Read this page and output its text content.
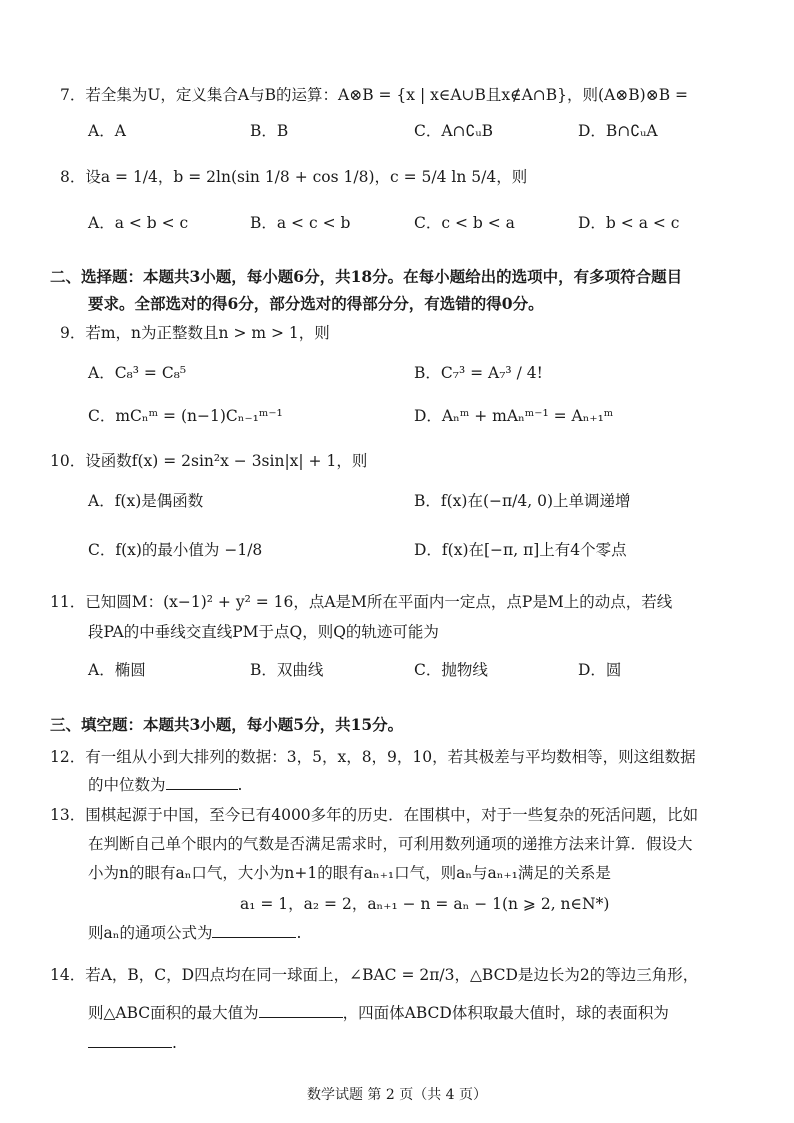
7．若全集为U，定义集合A与B的运算：A⊗B = {x | x∈A∪B且x∉A∩B}，则(A⊗B)⊗B =
A．A	B．B	C．A∩∁ᵤB	D．B∩∁ᵤA
8．设a = 1/4，b = 2ln(sin 1/8 + cos 1/8)，c = 5/4 ln 5/4，则
A．a < b < c	B．a < c < b	C．c < b < a	D．b < a < c
二、选择题：本题共3小题，每小题6分，共18分。在每小题给出的选项中，有多项符合题目
要求。全部选对的得6分，部分选对的得部分分，有选错的得0分。
9．若m，n为正整数且n > m > 1，则
A．C₈³ = C₈⁵	B．C₇³ = A₇³ / 4!
C．mCₙᵐ = (n−1)Cₙ₋₁ᵐ⁻¹	D．Aₙᵐ + mAₙᵐ⁻¹ = Aₙ₊₁ᵐ
10．设函数f(x) = 2sin²x − 3sin|x| + 1，则
A．f(x)是偶函数	B．f(x)在(−π/4, 0)上单调递增
C．f(x)的最小值为 −1/8	D．f(x)在[−π, π]上有4个零点
11．已知圆M：(x−1)² + y² = 16，点A是M所在平面内一定点，点P是M上的动点，若线
段PA的中垂线交直线PM于点Q，则Q的轨迹可能为
A．椭圆	B．双曲线	C．抛物线	D．圆
三、填空题：本题共3小题，每小题5分，共15分。
12．有一组从小到大排列的数据：3，5，x，8，9，10，若其极差与平均数相等，则这组数据
的中位数为	.
13．围棋起源于中国，至今已有4000多年的历史．在围棋中，对于一些复杂的死活问题，比如
在判断自己单个眼内的气数是否满足需求时，可利用数列通项的递推方法来计算．假设大
小为n的眼有aₙ口气，大小为n+1的眼有aₙ₊₁口气，则aₙ与aₙ₊₁满足的关系是
a₁ = 1，a₂ = 2，aₙ₊₁ − n = aₙ − 1(n ⩾ 2, n∈N*)
则aₙ的通项公式为	.
14．若A，B，C，D四点均在同一球面上，∠BAC = 2π/3，△BCD是边长为2的等边三角形，
则△ABC面积的最大值为	，四面体ABCD体积取最大值时，球的表面积为
.
数学试题 第 2 页（共 4 页）
